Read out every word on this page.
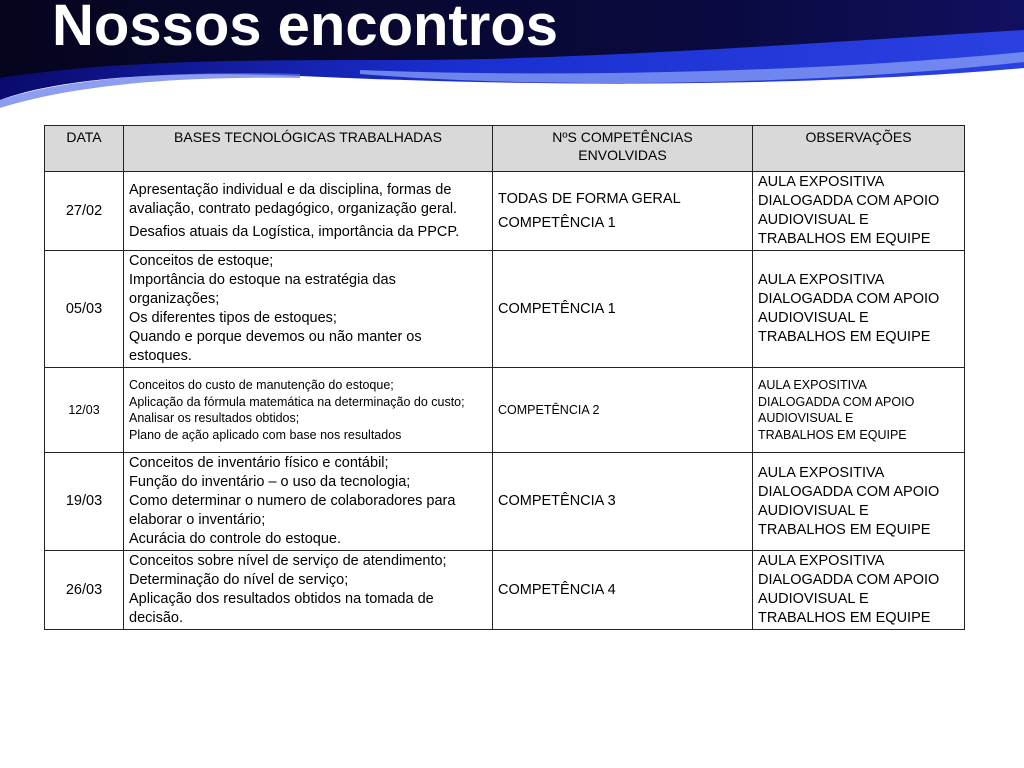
Nossos encontros
DATA	BASES TECNOLÓGICAS TRABALHADAS	NºS COMPETÊNCIAS
ENVOLVIDAS	OBSERVAÇÕES
27/02	Apresentação individual e da disciplina, formas de avaliação, contrato pedagógico, organização geral.
Desafios atuais da Logística, importância da PPCP.	TODAS DE FORMA GERAL
COMPETÊNCIA 1	AULA EXPOSITIVA
DIALOGADDA COM APOIO
AUDIOVISUAL E
TRABALHOS EM EQUIPE

05/03	Conceitos de estoque;
Importância do estoque na estratégia das organizações;
Os diferentes tipos de estoques;
Quando e porque devemos ou não manter os estoques.	COMPETÊNCIA 1	AULA EXPOSITIVA
DIALOGADDA COM APOIO
AUDIOVISUAL E
TRABALHOS EM EQUIPE

12/03	Conceitos do custo de manutenção do estoque;
Aplicação da fórmula matemática na determinação do custo;
Analisar os resultados obtidos;
Plano de ação aplicado com base nos resultados	COMPETÊNCIA 2	AULA EXPOSITIVA
DIALOGADDA COM APOIO
AUDIOVISUAL E
TRABALHOS EM EQUIPE

19/03	Conceitos de inventário físico e contábil;
Função do inventário – o uso da tecnologia;
Como determinar o numero de colaboradores para elaborar o inventário;
Acurácia do controle do estoque.	COMPETÊNCIA 3	AULA EXPOSITIVA
DIALOGADDA COM APOIO
AUDIOVISUAL E
TRABALHOS EM EQUIPE

26/03	Conceitos sobre nível de serviço de atendimento;
Determinação do nível de serviço;
Aplicação dos resultados obtidos na tomada de decisão.	COMPETÊNCIA 4	AULA EXPOSITIVA
DIALOGADDA COM APOIO
AUDIOVISUAL E
TRABALHOS EM EQUIPE
